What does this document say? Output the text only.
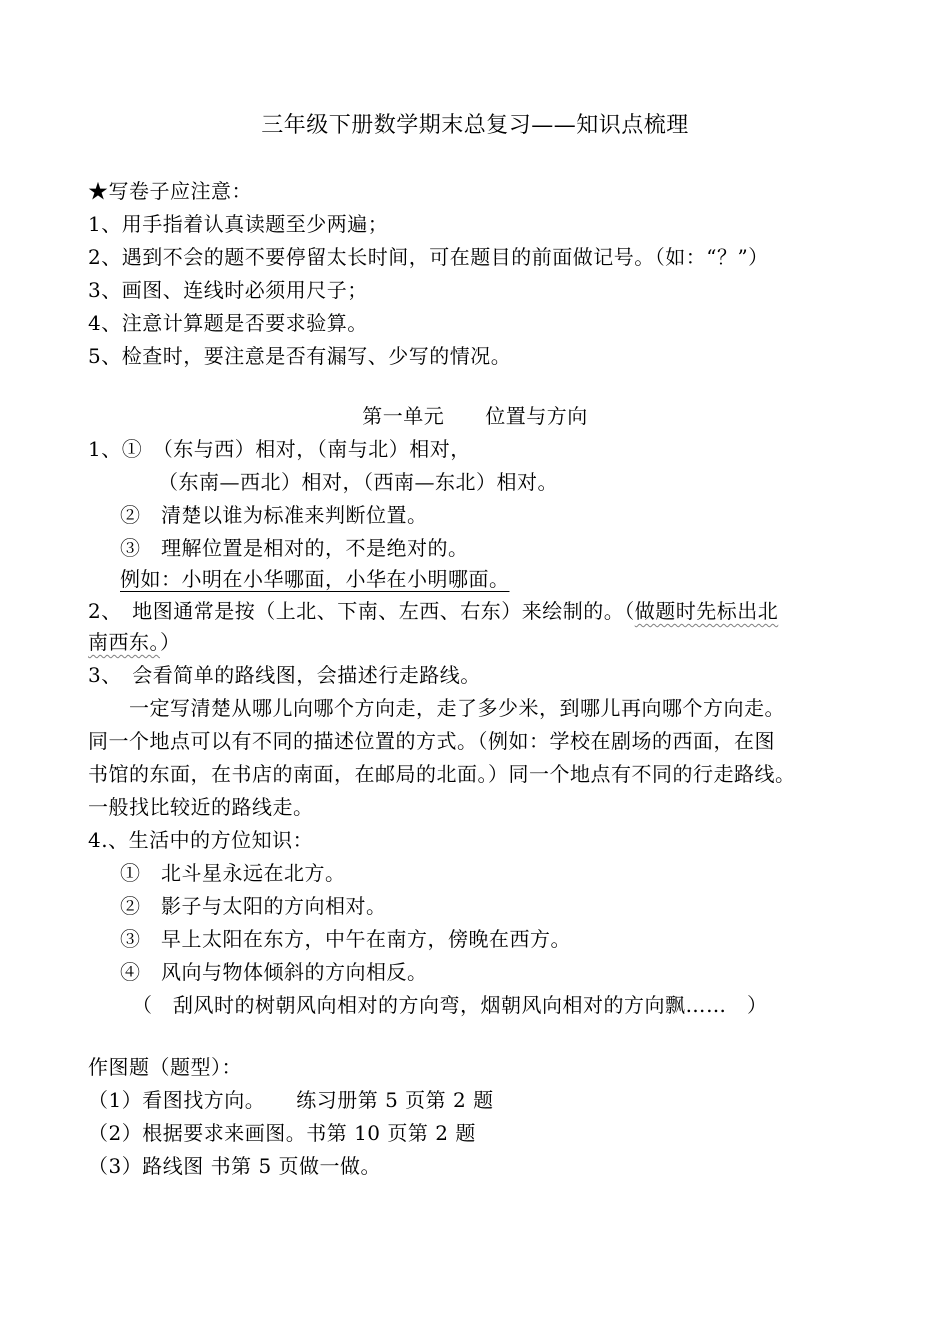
三年级下册数学期末总复习——知识点梳理
★写卷子应注意：
1、用手指着认真读题至少两遍；
2、遇到不会的题不要停留太长时间，可在题目的前面做记号。（如：“？”）
3、画图、连线时必须用尺子；
4、注意计算题是否要求验算。
5、检查时，要注意是否有漏写、少写的情况。
第一单元　　位置与方向
1、①　（东与西）相对，（南与北）相对，
（东南—西北）相对，（西南—东北）相对。
②　清楚以谁为标准来判断位置。
③　理解位置是相对的，不是绝对的。
例如：小明在小华哪面，小华在小明哪面。
2、　地图通常是按（上北、下南、左西、右东）来绘制的。（做题时先标出北
南西东。）
3、　会看简单的路线图，会描述行走路线。
　　一定写清楚从哪儿向哪个方向走，走了多少米，到哪儿再向哪个方向走。
同一个地点可以有不同的描述位置的方式。（例如：学校在剧场的西面，在图
书馆的东面，在书店的南面，在邮局的北面。）同一个地点有不同的行走路线。
一般找比较近的路线走。
4.、生活中的方位知识：
①　北斗星永远在北方。
②　影子与太阳的方向相对。
③　早上太阳在东方，中午在南方，傍晚在西方。
④　风向与物体倾斜的方向相反。
（　刮风时的树朝风向相对的方向弯，烟朝风向相对的方向飘……　）
作图题（题型）：
（1）看图找方向。　　练习册第 5 页第 2 题
（2）根据要求来画图。书第 10 页第 2 题
（3）路线图 书第 5 页做一做。
